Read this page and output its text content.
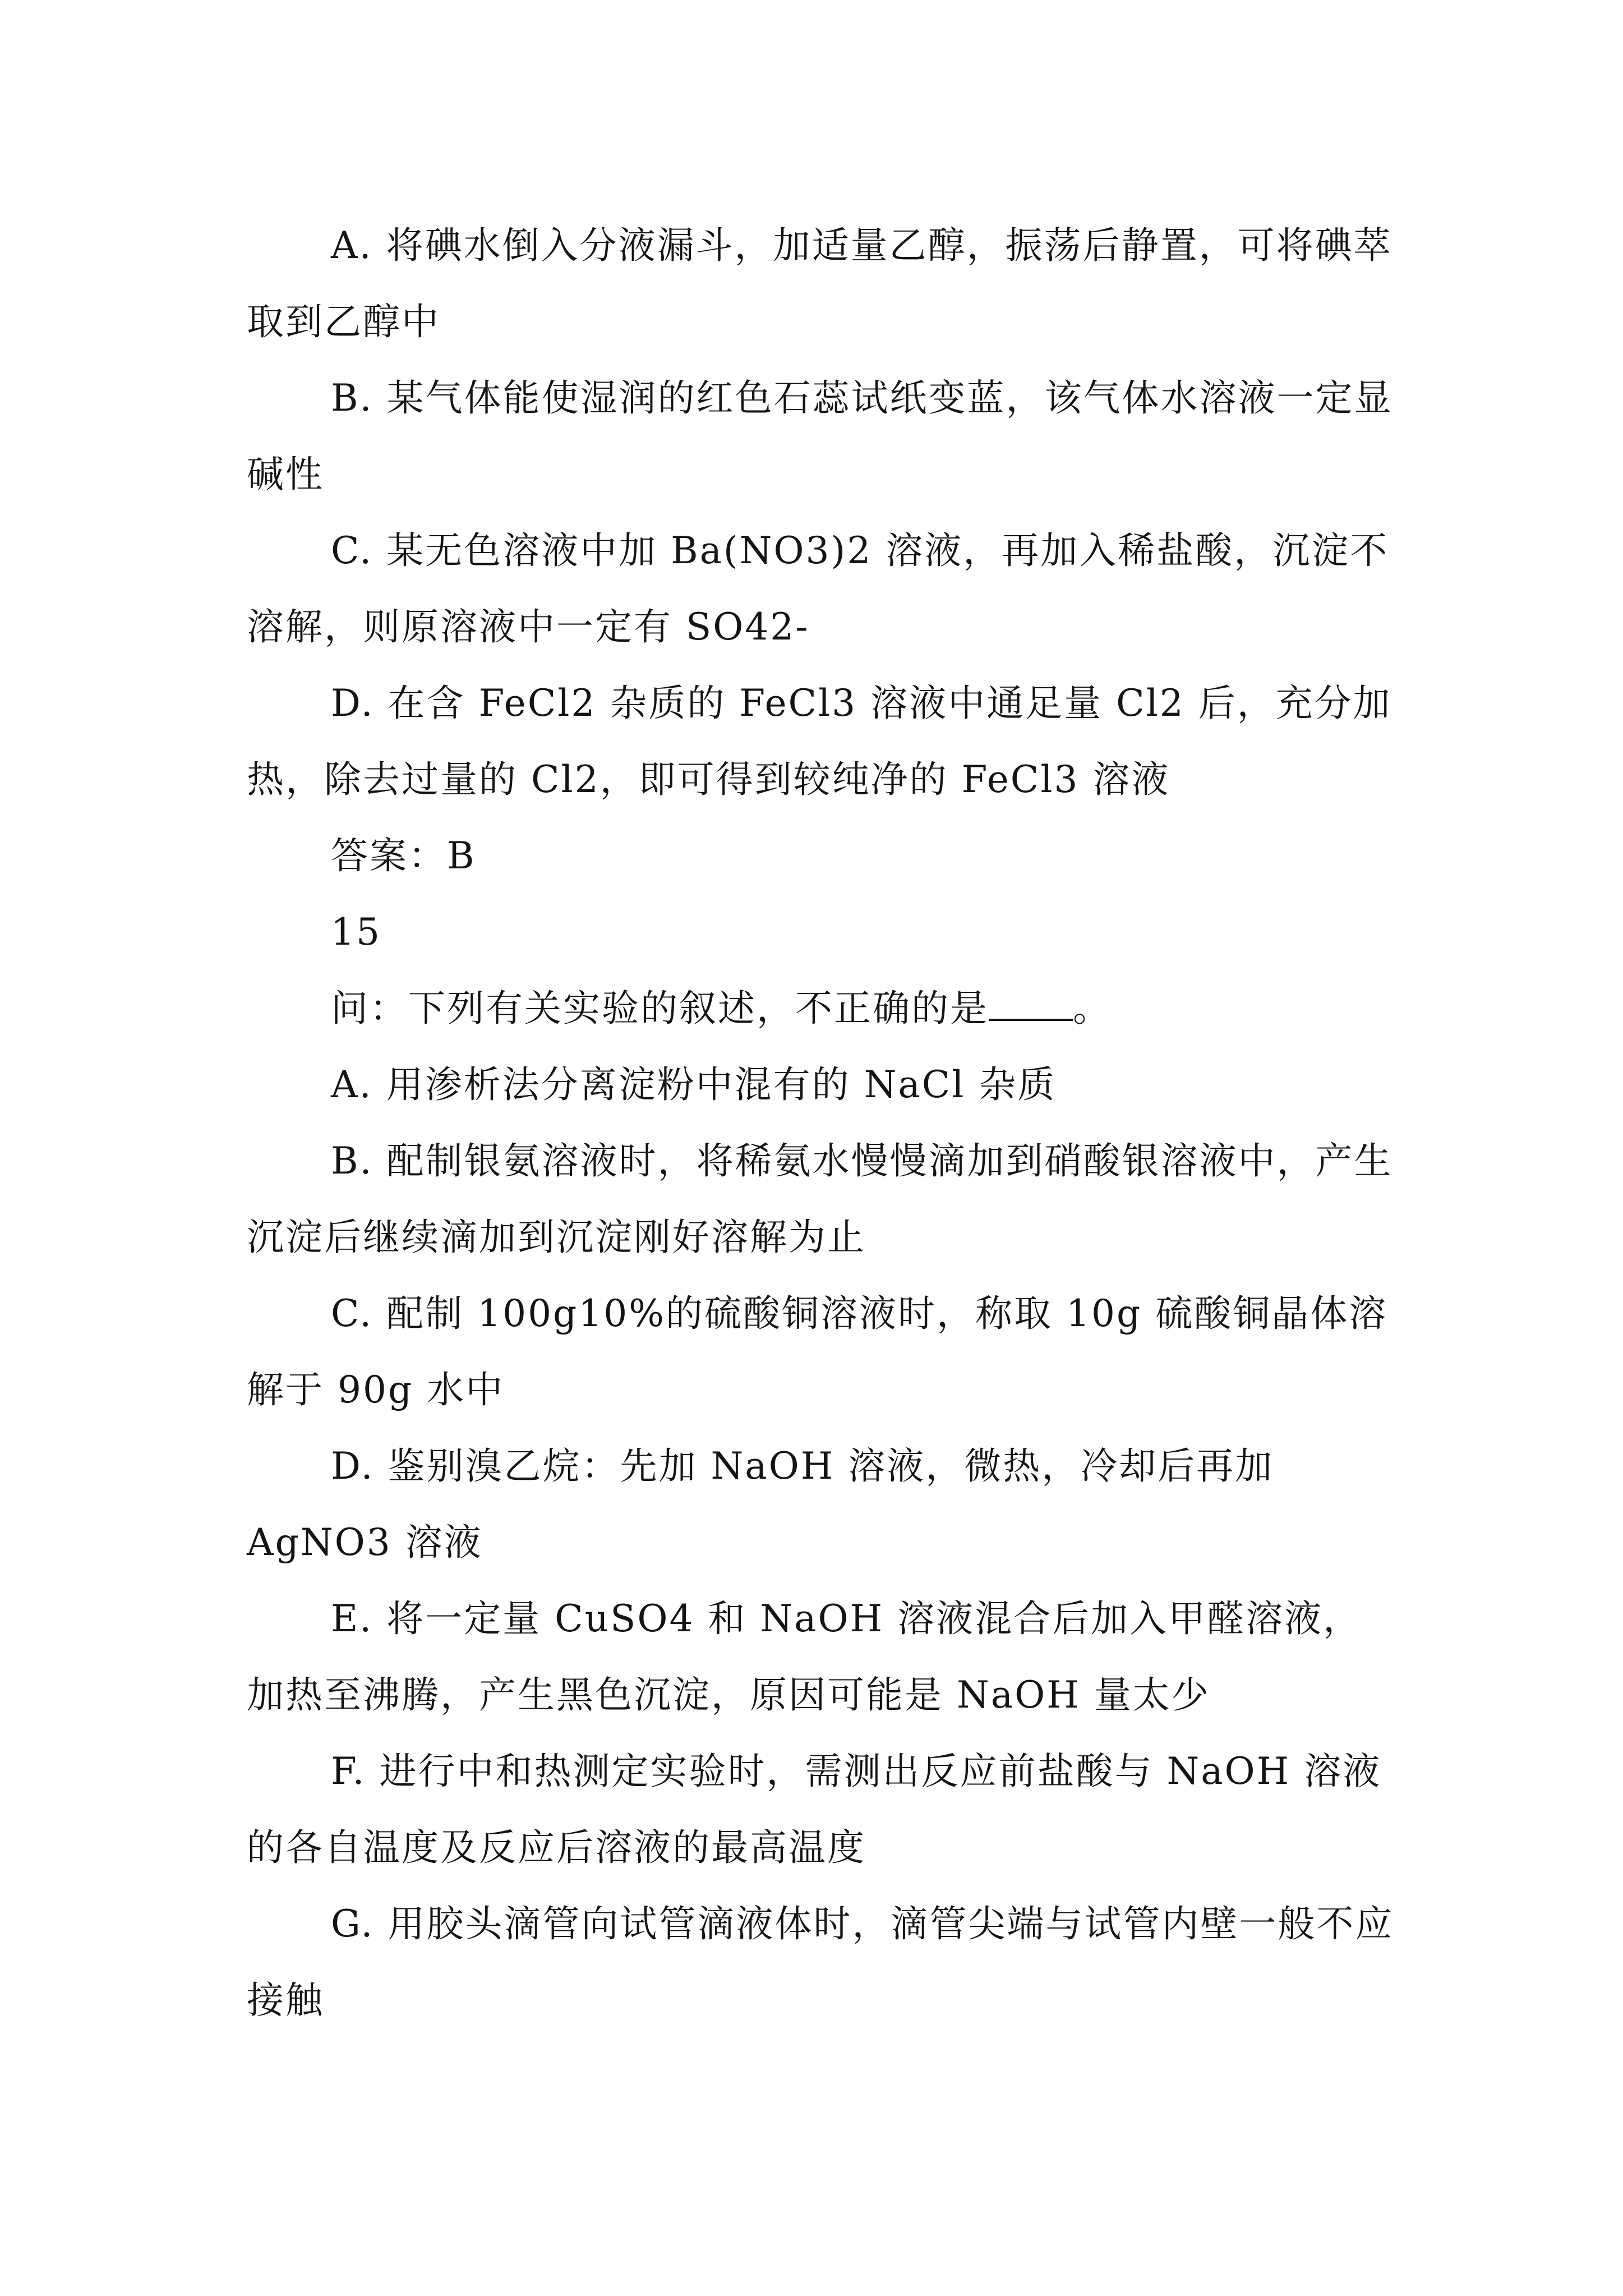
A. 将碘水倒入分液漏斗，加适量乙醇，振荡后静置，可将碘萃取到乙醇中

B. 某气体能使湿润的红色石蕊试纸变蓝，该气体水溶液一定显碱性

C. 某无色溶液中加 Ba(NO3)2 溶液，再加入稀盐酸，沉淀不溶解，则原溶液中一定有 SO42-

D. 在含 FeCl2 杂质的 FeCl3 溶液中通足量 Cl2 后，充分加热，除去过量的 Cl2，即可得到较纯净的 FeCl3 溶液

答案：B

15

问：下列有关实验的叙述，不正确的是 。

A. 用渗析法分离淀粉中混有的 NaCl 杂质

B. 配制银氨溶液时，将稀氨水慢慢滴加到硝酸银溶液中，产生沉淀后继续滴加到沉淀刚好溶解为止

C. 配制 100g10%的硫酸铜溶液时，称取 10g 硫酸铜晶体溶解于 90g 水中

D. 鉴别溴乙烷：先加 NaOH 溶液，微热，冷却后再加 AgNO3 溶液

E. 将一定量 CuSO4 和 NaOH 溶液混合后加入甲醛溶液，加热至沸腾，产生黑色沉淀，原因可能是 NaOH 量太少

F. 进行中和热测定实验时，需测出反应前盐酸与 NaOH 溶液的各自温度及反应后溶液的最高温度

G. 用胶头滴管向试管滴液体时，滴管尖端与试管内壁一般不应接触
